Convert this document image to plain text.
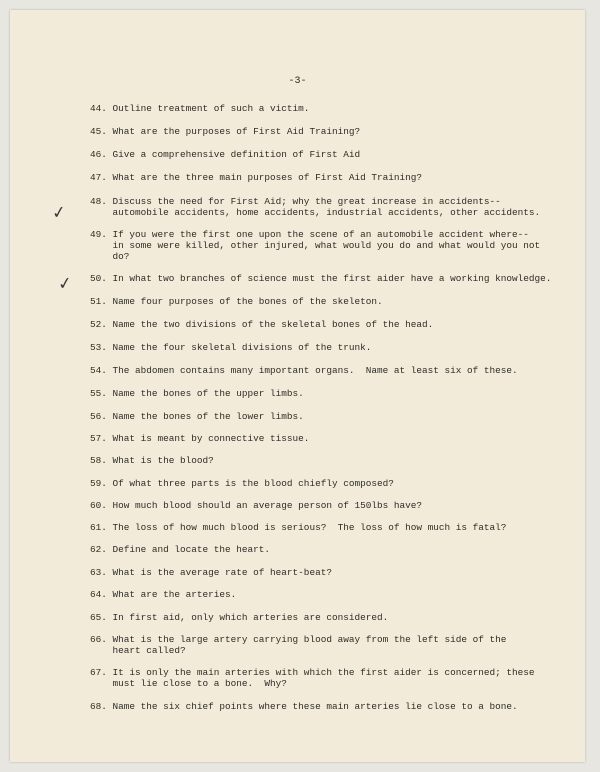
-3-
✓
✓
44. Outline treatment of such a victim.
45. What are the purposes of First Aid Training?
46. Give a comprehensive definition of First Aid
47. What are the three main purposes of First Aid Training?
48. Discuss the need for First Aid; why the great increase in accidents--
automobile accidents, home accidents, industrial accidents, other accidents.
49. If you were the first one upon the scene of an automobile accident where--
in some were killed, other injured, what would you do and what would you not
do?
50. In what two branches of science must the first aider have a working knowledge.
51. Name four purposes of the bones of the skeleton.
52. Name the two divisions of the skeletal bones of the head.
53. Name the four skeletal divisions of the trunk.
54. The abdomen contains many important organs.  Name at least six of these.
55. Name the bones of the upper limbs.
56. Name the bones of the lower limbs.
57. What is meant by connective tissue.
58. What is the blood?
59. Of what three parts is the blood chiefly composed?
60. How much blood should an average person of 150lbs have?
61. The loss of how much blood is serious?  The loss of how much is fatal?
62. Define and locate the heart.
63. What is the average rate of heart-beat?
64. What are the arteries.
65. In first aid, only which arteries are considered.
66. What is the large artery carrying blood away from the left side of the
heart called?
67. It is only the main arteries with which the first aider is concerned; these
must lie close to a bone.  Why?
68. Name the six chief points where these main arteries lie close to a bone.
